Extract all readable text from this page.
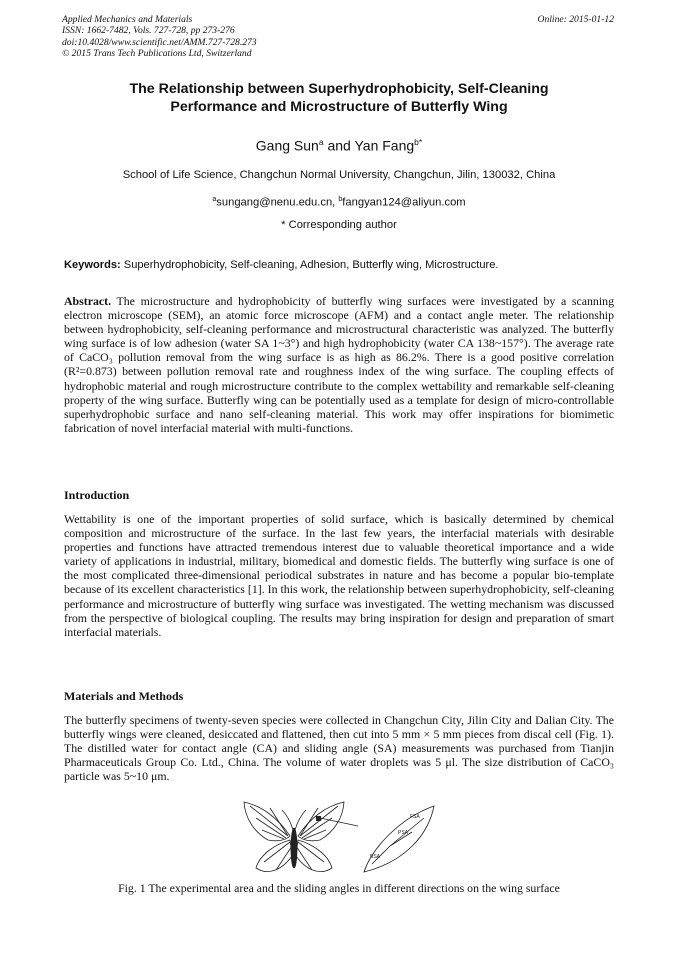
Applied Mechanics and Materials
ISSN: 1662-7482, Vols. 727-728, pp 273-276
doi:10.4028/www.scientific.net/AMM.727-728.273
© 2015 Trans Tech Publications Ltd, Switzerland
Online: 2015-01-12
The Relationship between Superhydrophobicity, Self-Cleaning
Performance and Microstructure of Butterfly Wing
Gang Sun$^a$ and Yan Fang$^{b*}$
School of Life Science, Changchun Normal University, Changchun, Jilin, 130032, China
$^a$sungang@nenu.edu.cn, $^b$fangyan124@aliyun.com
* Corresponding author
Keywords: Superhydrophobicity, Self-cleaning, Adhesion, Butterfly wing, Microstructure.
Abstract. The microstructure and hydrophobicity of butterfly wing surfaces were investigated by a scanning electron microscope (SEM), an atomic force microscope (AFM) and a contact angle meter. The relationship between hydrophobicity, self-cleaning performance and microstructural characteristic was analyzed. The butterfly wing surface is of low adhesion (water SA 1~3°) and high hydrophobicity (water CA 138~157°). The average rate of CaCO₃ pollution removal from the wing surface is as high as 86.2%. There is a good positive correlation (R²=0.873) between pollution removal rate and roughness index of the wing surface. The coupling effects of hydrophobic material and rough microstructure contribute to the complex wettability and remarkable self-cleaning property of the wing surface. Butterfly wing can be potentially used as a template for design of micro-controllable superhydrophobic surface and nano self-cleaning material. This work may offer inspirations for biomimetic fabrication of novel interfacial material with multi-functions.
Introduction
Wettability is one of the important properties of solid surface, which is basically determined by chemical composition and microstructure of the surface. In the last few years, the interfacial materials with desirable properties and functions have attracted tremendous interest due to valuable theoretical importance and a wide variety of applications in industrial, military, biomedical and domestic fields. The butterfly wing surface is one of the most complicated three-dimensional periodical substrates in nature and has become a popular bio-template because of its excellent characteristics [1]. In this work, the relationship between superhydrophobicity, self-cleaning performance and microstructure of butterfly wing surface was investigated. The wetting mechanism was discussed from the perspective of biological coupling. The results may bring inspiration for design and preparation of smart interfacial materials.
Materials and Methods
The butterfly specimens of twenty-seven species were collected in Changchun City, Jilin City and Dalian City. The butterfly wings were cleaned, desiccated and flattened, then cut into 5 mm × 5 mm pieces from discal cell (Fig. 1). The distilled water for contact angle (CA) and sliding angle (SA) measurements was purchased from Tianjin Pharmaceuticals Group Co. Ltd., China. The volume of water droplets was 5 μl. The size distribution of CaCO₃ particle was 5~10 μm.
FSA
PSA
BSA
Fig. 1 The experimental area and the sliding angles in different directions on the wing surface
